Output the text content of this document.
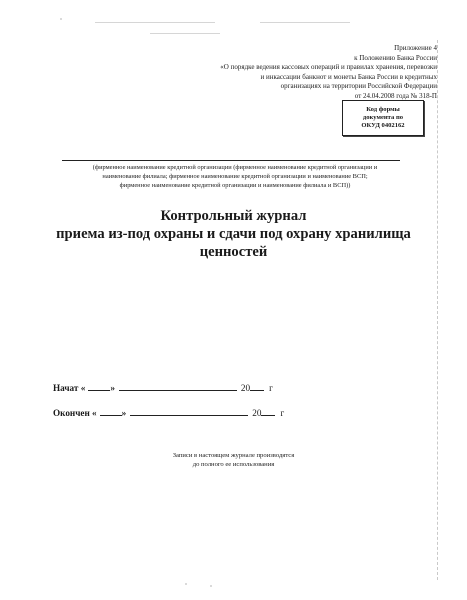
Приложение 4
к Положению Банка России
«О порядке ведения кассовых операций и правилах хранения, перевозки
и инкассации банкнот и монеты Банка России в кредитных
организациях на территории Российской Федерации
от 24.04.2008 года № 318-П
Код формы
документа по
ОКУД 0402162
(фирменное наименование кредитной организации (фирменное наименование кредитной организации и
наименование филиала; фирменное наименование кредитной организации и наименование ВСП;
фирменное наименование кредитной организации и наименование филиала и ВСП))
Контрольный журнал
приема из-под охраны и сдачи под охрану хранилища
ценностей
Начат «	»	20 г
Окончен «	»	20 г
Записи в настоящем журнале производятся
до полного ее использования
